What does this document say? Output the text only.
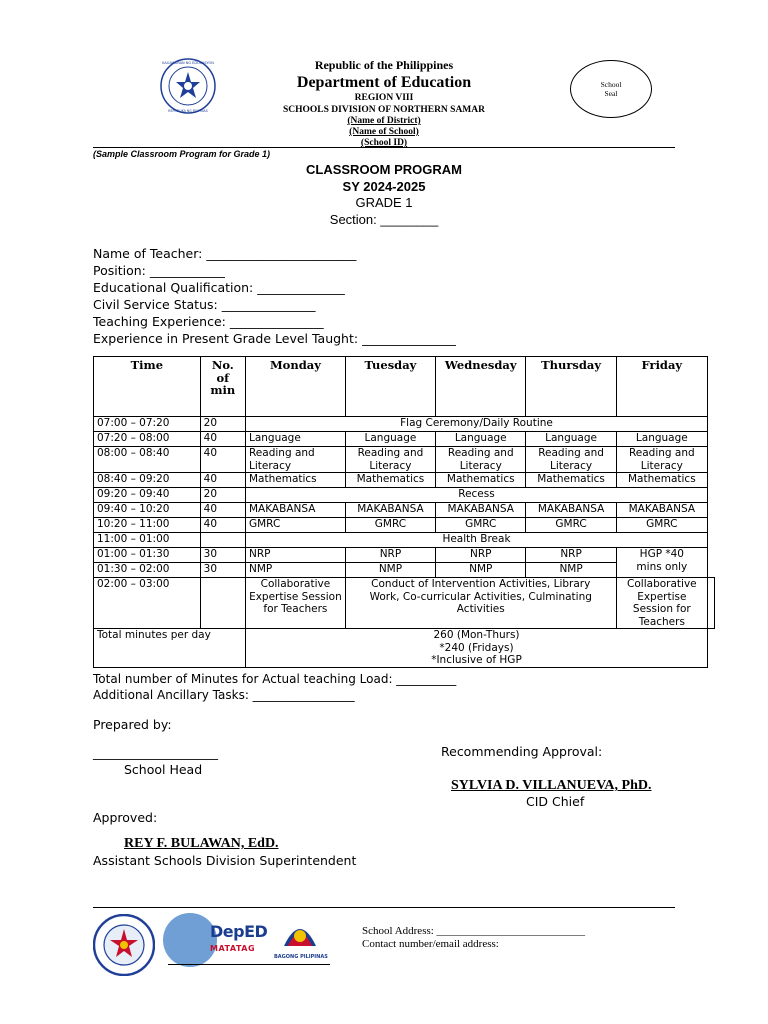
KAGAWARAN NG EDUKASYON
REPUBLIKA NG PILIPINAS
Republic of the Philippines
Department of Education
REGION VIII
SCHOOLS DIVISION OF NORTHERN SAMAR
(Name of District)
(Name of School)
(School ID)
School
Seal
(Sample Classroom Program for Grade 1)
CLASSROOM PROGRAM
SY 2024-2025
GRADE 1
Section: ________
Name of Teacher: ________________________
Position: ____________
Educational Qualification: ______________
Civil Service Status: _______________
Teaching Experience: _______________
Experience in Present Grade Level Taught: _______________
Time	No. of min	Monday	Tuesday	Wednesday	Thursday	Friday	
07:00 – 07:20	20	Flag Ceremony/Daily Routine					
07:20 – 08:00	40	Language	Language	Language	Language	Language	
08:00 – 08:40	40	Reading and Literacy	Reading and Literacy	Reading and Literacy	Reading and Literacy	Reading and Literacy	
08:40 – 09:20	40	Mathematics	Mathematics	Mathematics	Mathematics	Mathematics	
09:20 – 09:40	20	Recess					
09:40 – 10:20	40	MAKABANSA	MAKABANSA	MAKABANSA	MAKABANSA	MAKABANSA	
10:20 – 11:00	40	GMRC	GMRC	GMRC	GMRC	GMRC	
11:00 – 01:00		Health Break					
01:00 – 01:30	30	NRP	NRP	NRP	NRP	HGP *40 mins only	
01:30 – 02:00	30	NMP	NMP	NMP	NMP		
02:00 – 03:00		Collaborative Expertise Session for Teachers	Conduct of Intervention Activities, Library Work, Co-curricular Activities, Culminating Activities			Collaborative Expertise Session for Teachers	
Total minutes per day		260 (Mon-Thurs)
*240 (Fridays)
*Inclusive of HGP					
Total number of Minutes for Actual teaching Load: __________
Additional Ancillary Tasks: _________________
Prepared by:
____________________
School Head
Recommending Approval:
SYLVIA D. VILLANUEVA, PhD.
CID Chief
Approved:
REY F. BULAWAN, EdD.
Assistant Schools Division Superintendent
DepED
MATATAG
BAGONG PILIPINAS
School Address: ___________________________
Contact number/email address:
